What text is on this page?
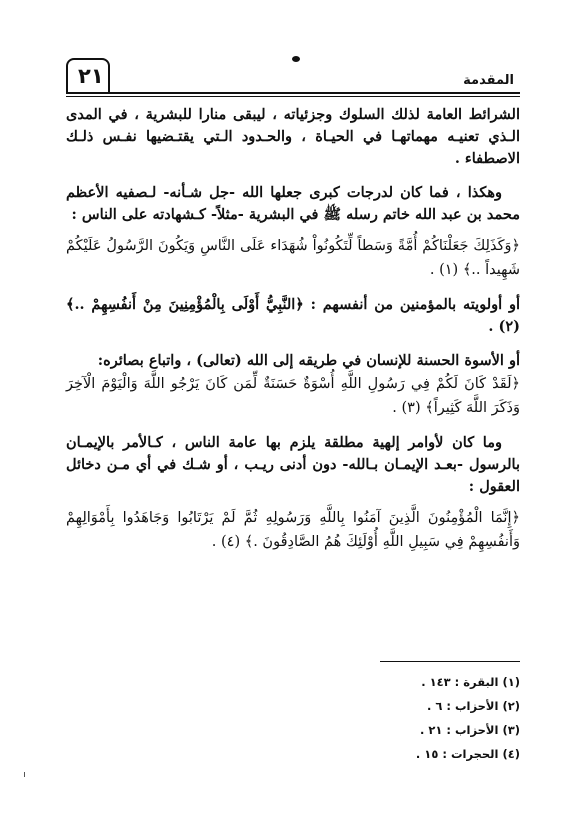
٢١	المقدمة

الشرائط العامة لذلك السلوك وجزئياته ، ليبقى منارا للبشرية ، في المدى الـذي تعنيـه مهماتهـا في الحيـاة ، والحـدود الـتي يقتـضيها نفـس ذلـك الاصطفاء .

وهكذا ، فما كان لدرجات كبرى جعلها الله -جل شـأنه- لـصفيه الأعظم محمد بن عبد الله خاتم رسله ﷺ في البشرية -مثلاً- كـشهادته على الناس :

﴿وَكَذَلِكَ جَعَلْنَاكُمْ أُمَّةً وَسَطاً لِّتَكُونُواْ شُهَدَاء عَلَى النَّاسِ وَيَكُونَ الرَّسُولُ عَلَيْكُمْ شَهِيداً ..﴾ (١) .

أو أولويته بالمؤمنين من أنفسهم : ﴿النَّبِيُّ أَوْلَى بِالْمُؤْمِنِينَ مِنْ أَنفُسِهِمْ ..﴾ (٢) .

أو الأسوة الحسنة للإنسان في طريقه إلى الله (تعالى) ، واتباع بصائره:

﴿لَقَدْ كَانَ لَكُمْ فِي رَسُولِ اللَّهِ أُسْوَةٌ حَسَنَةٌ لِّمَن كَانَ يَرْجُو اللَّهَ وَالْيَوْمَ الْآخِرَ وَذَكَرَ اللَّهَ كَثِيراً﴾ (٣) .

وما كان لأوامر إلهية مطلقة يلزم بها عامة الناس ، كـالأمر بالإيمـان بالرسول -بعـد الإيمـان بـالله- دون أدنى ريـب ، أو شـك في أي مـن دخائل العقول :

﴿إِنَّمَا الْمُؤْمِنُونَ الَّذِينَ آمَنُوا بِاللَّهِ وَرَسُولِهِ ثُمَّ لَمْ يَرْتَابُوا وَجَاهَدُوا بِأَمْوَالِهِمْ وَأَنفُسِهِمْ فِي سَبِيلِ اللَّهِ أُوْلَئِكَ هُمُ الصَّادِقُونَ .﴾ (٤) .

(١) البقرة : ١٤٣ .
(٢) الأحزاب : ٦ .
(٣) الأحزاب : ٢١ .
(٤) الحجرات : ١٥ .
